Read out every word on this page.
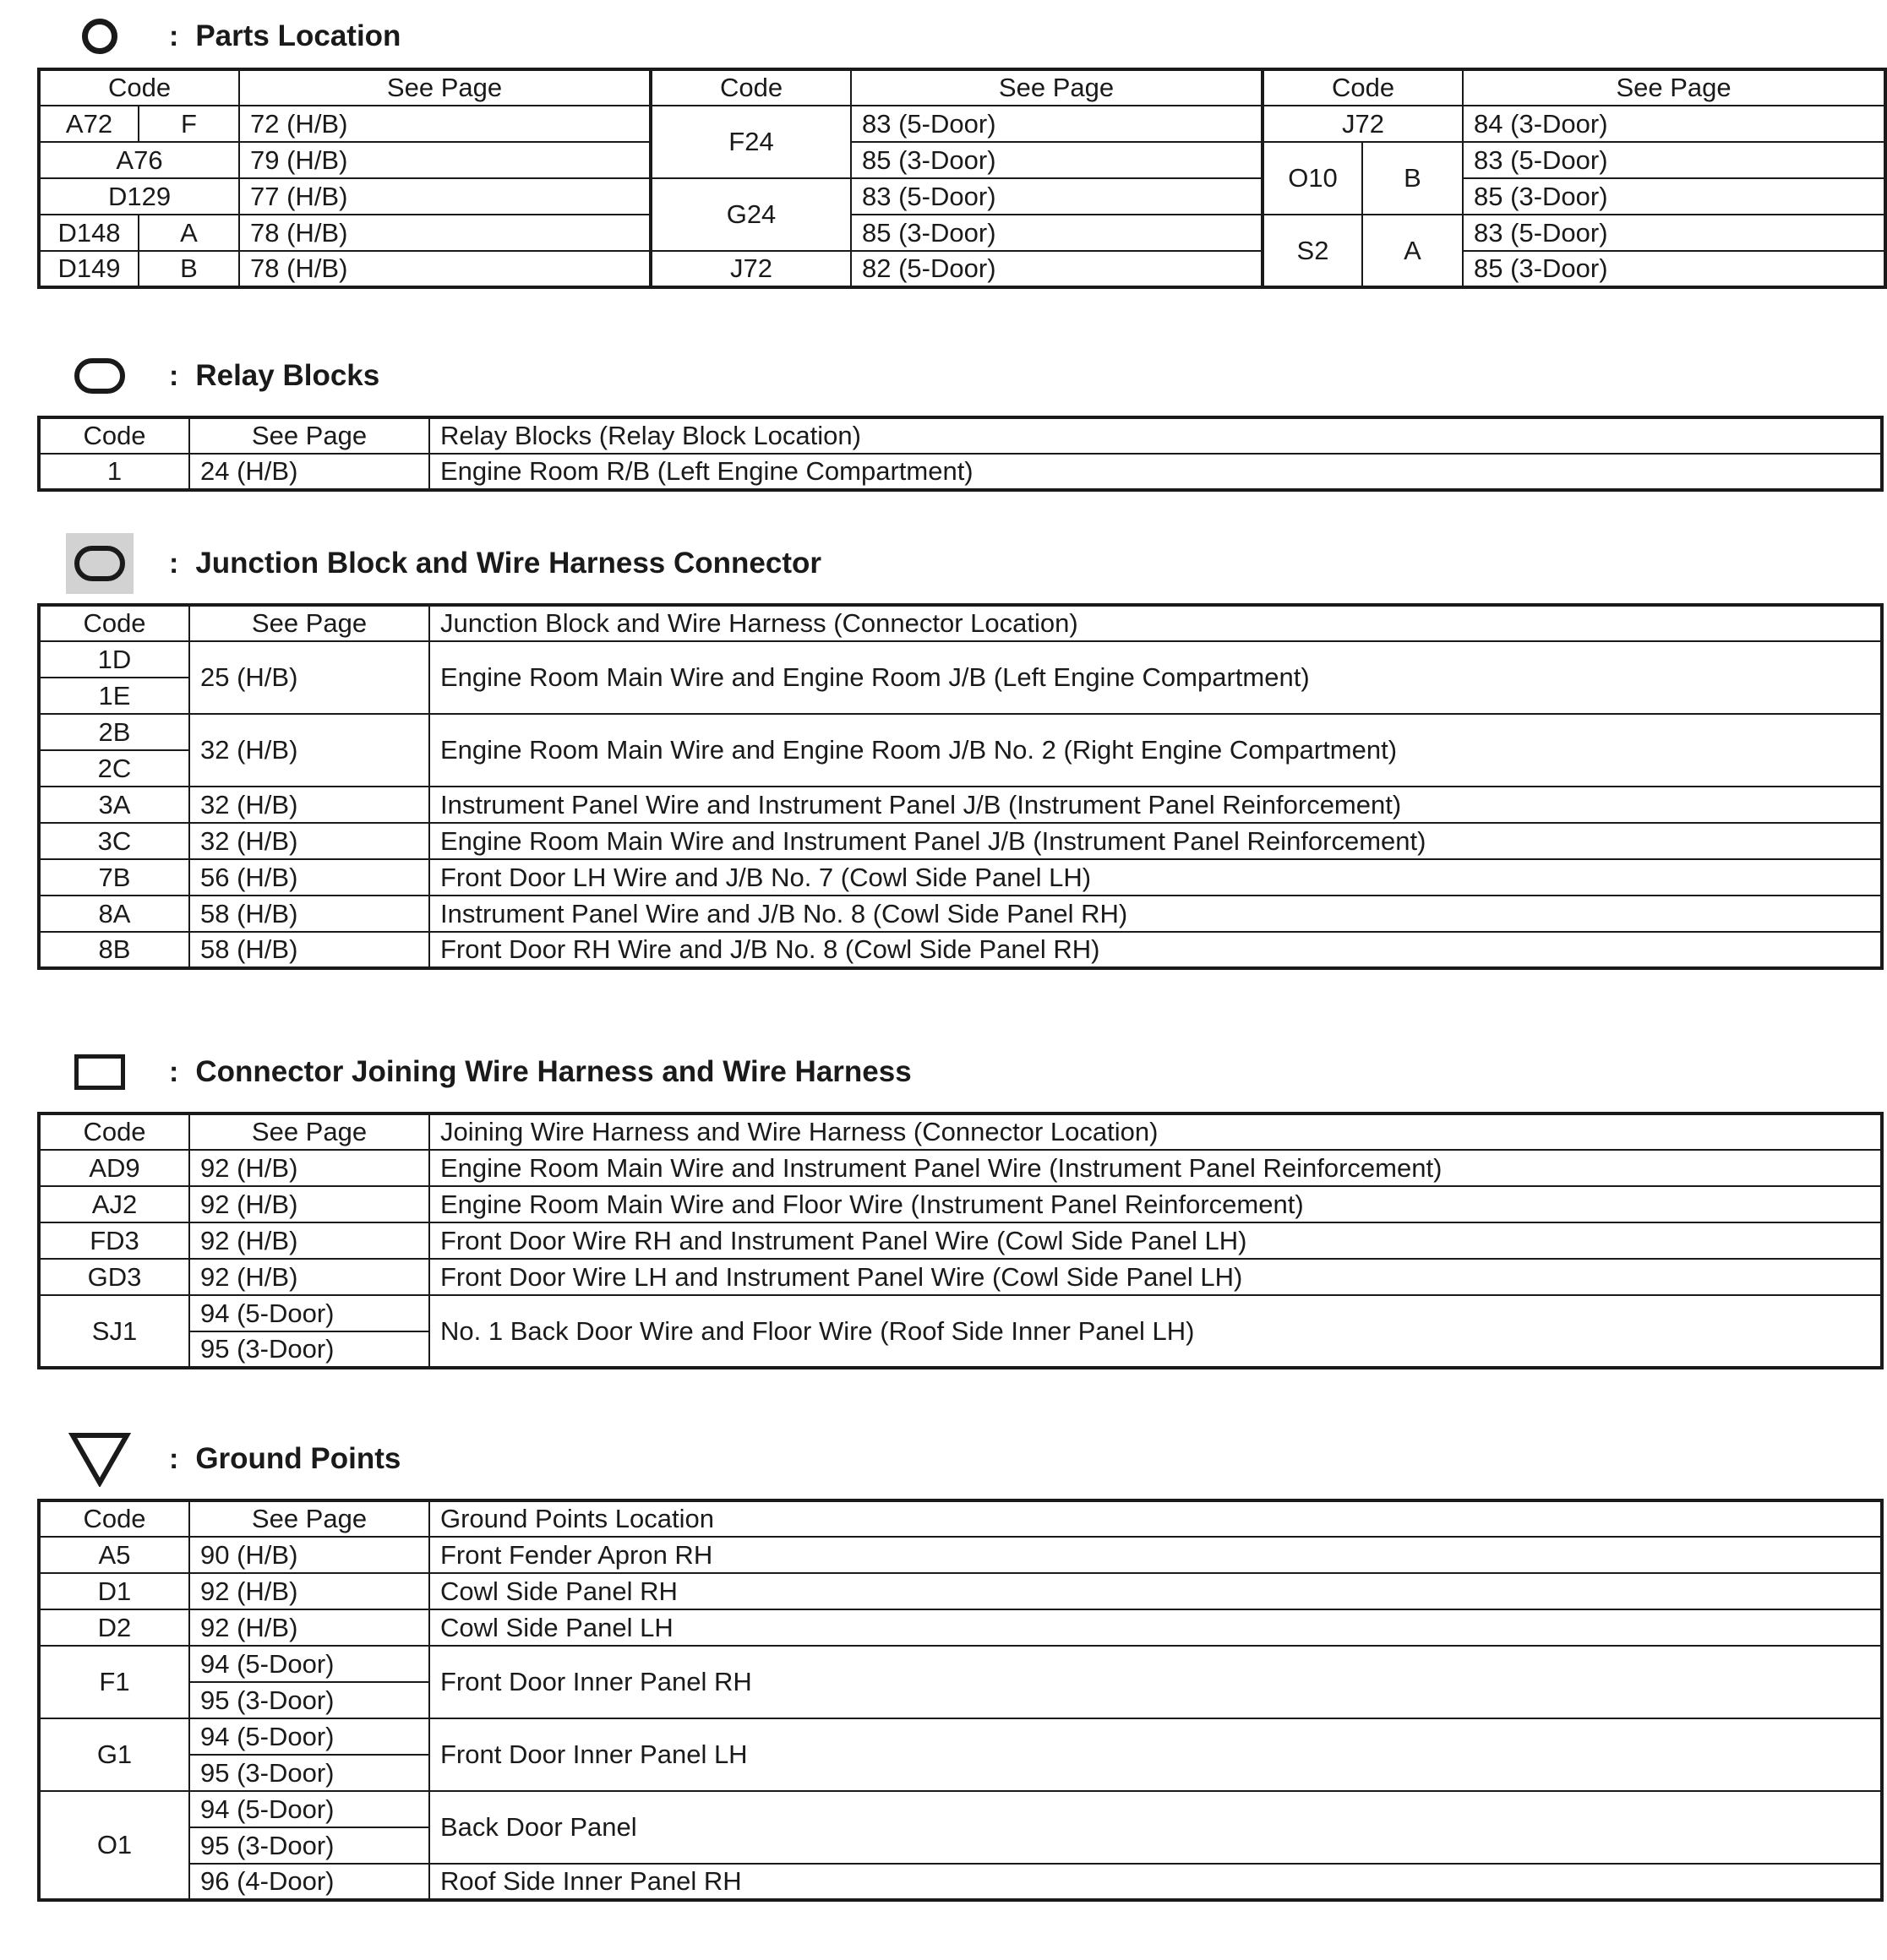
: Parts Location
Code		See Page	Code	See Page	Code		See Page
A72	F	72 (H/B)	F24	83 (5-Door)	J72		84 (3-Door)
A76		79 (H/B)		85 (3-Door)	O10	B	83 (5-Door)
D129		77 (H/B)	G24	83 (5-Door)			85 (3-Door)
D148	A	78 (H/B)		85 (3-Door)	S2	A	83 (5-Door)
D149	B	78 (H/B)	J72	82 (5-Door)			85 (3-Door)
: Relay Blocks
Code	See Page	Relay Blocks (Relay Block Location)
1	24 (H/B)	Engine Room R/B (Left Engine Compartment)
: Junction Block and Wire Harness Connector
Code	See Page	Junction Block and Wire Harness (Connector Location)
1D	25 (H/B)	Engine Room Main Wire and Engine Room J/B (Left Engine Compartment)
1E		
2B	32 (H/B)	Engine Room Main Wire and Engine Room J/B No. 2 (Right Engine Compartment)
2C		
3A	32 (H/B)	Instrument Panel Wire and Instrument Panel J/B (Instrument Panel Reinforcement)
3C	32 (H/B)	Engine Room Main Wire and Instrument Panel J/B (Instrument Panel Reinforcement)
7B	56 (H/B)	Front Door LH Wire and J/B No. 7 (Cowl Side Panel LH)
8A	58 (H/B)	Instrument Panel Wire and J/B No. 8 (Cowl Side Panel RH)
8B	58 (H/B)	Front Door RH Wire and J/B No. 8 (Cowl Side Panel RH)
: Connector Joining Wire Harness and Wire Harness
Code	See Page	Joining Wire Harness and Wire Harness (Connector Location)
AD9	92 (H/B)	Engine Room Main Wire and Instrument Panel Wire (Instrument Panel Reinforcement)
AJ2	92 (H/B)	Engine Room Main Wire and Floor Wire (Instrument Panel Reinforcement)
FD3	92 (H/B)	Front Door Wire RH and Instrument Panel Wire (Cowl Side Panel LH)
GD3	92 (H/B)	Front Door Wire LH and Instrument Panel Wire (Cowl Side Panel LH)
SJ1	94 (5-Door)	No. 1 Back Door Wire and Floor Wire (Roof Side Inner Panel LH)
	95 (3-Door)	
: Ground Points
Code	See Page	Ground Points Location
A5	90 (H/B)	Front Fender Apron RH
D1	92 (H/B)	Cowl Side Panel RH
D2	92 (H/B)	Cowl Side Panel LH
F1	94 (5-Door)	Front Door Inner Panel RH
	95 (3-Door)	
G1	94 (5-Door)	Front Door Inner Panel LH
	95 (3-Door)	
O1	94 (5-Door)	Back Door Panel
	95 (3-Door)	
	96 (4-Door)	Roof Side Inner Panel RH
